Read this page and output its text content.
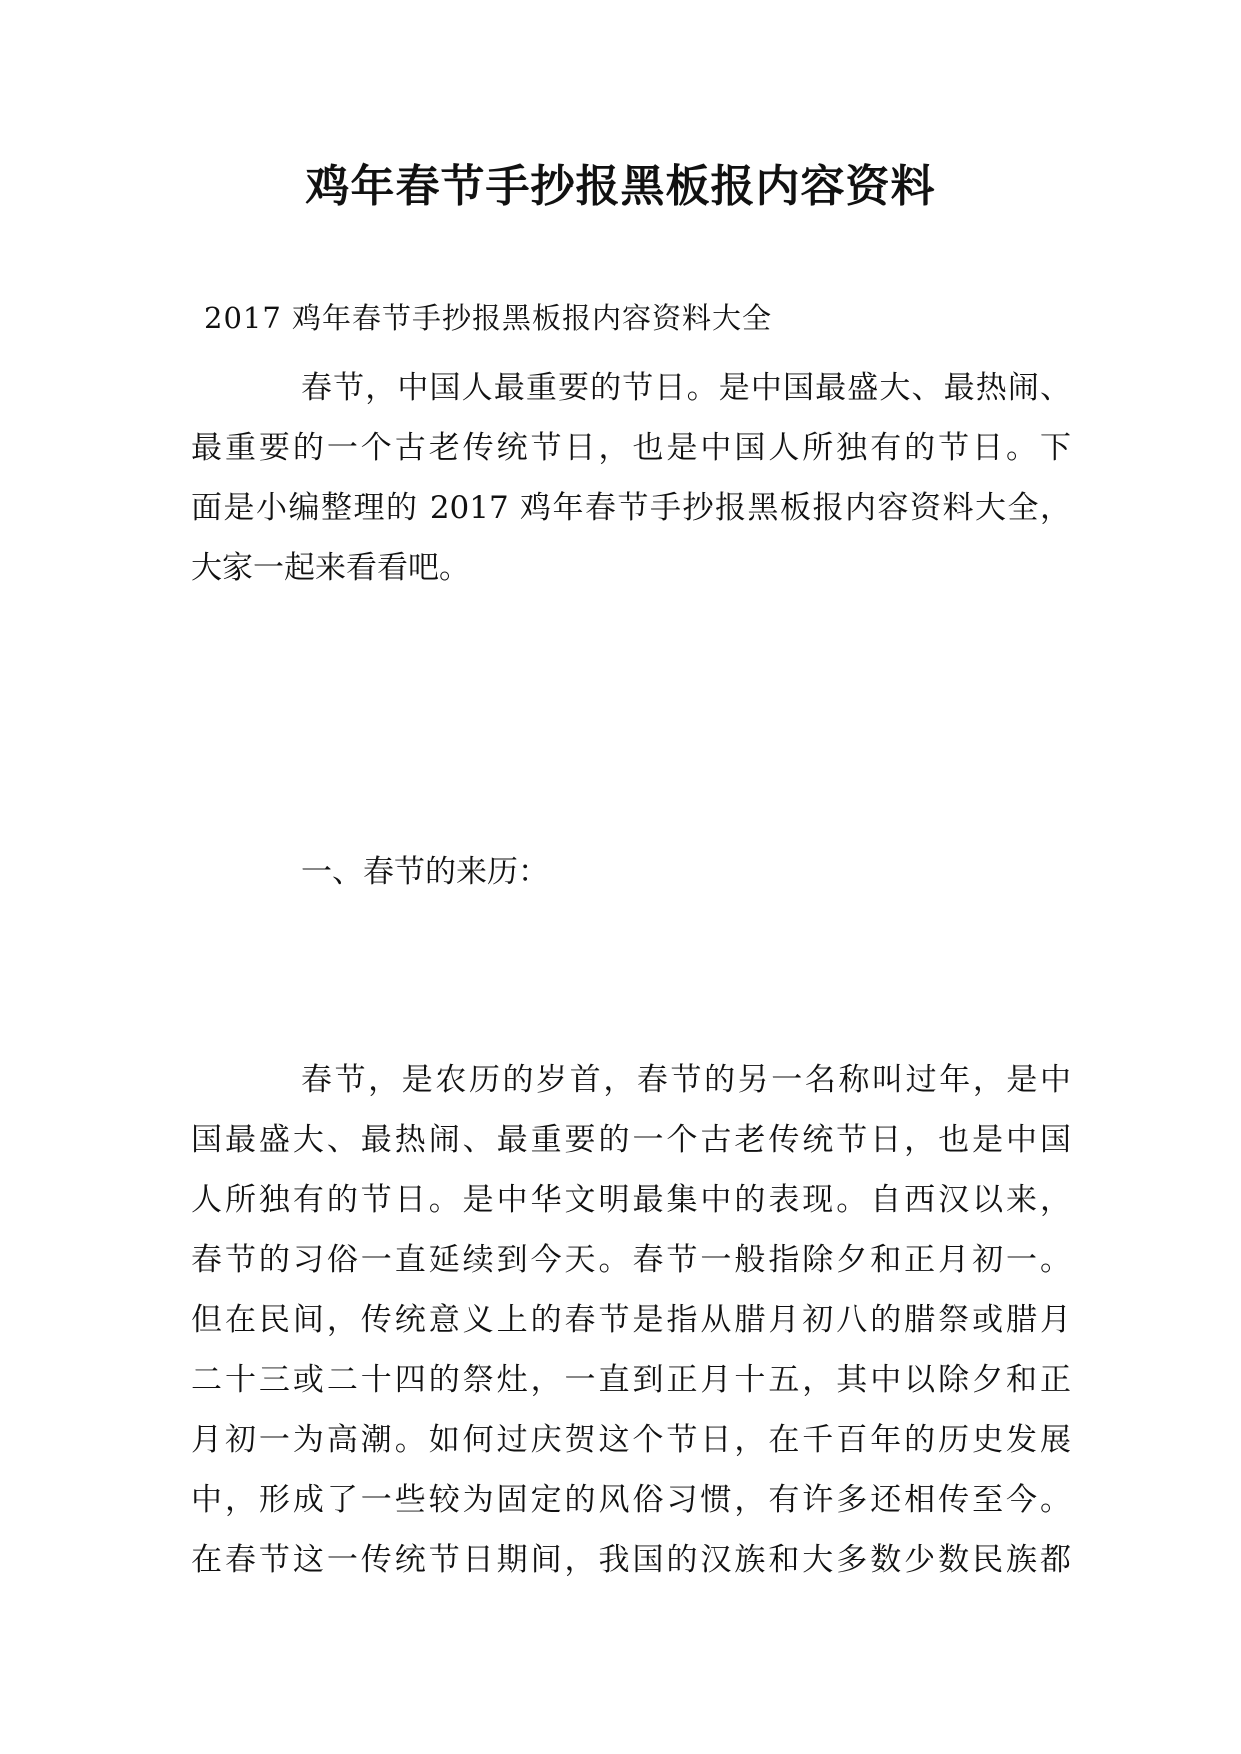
鸡年春节手抄报黑板报内容资料

2017 鸡年春节手抄报黑板报内容资料大全

春节，中国人最重要的节日。是中国最盛大、最热闹、
最重要的一个古老传统节日，也是中国人所独有的节日。下
面是小编整理的 2017 鸡年春节手抄报黑板报内容资料大全，
大家一起来看看吧。

一、春节的来历：

春节，是农历的岁首，春节的另一名称叫过年，是中
国最盛大、最热闹、最重要的一个古老传统节日，也是中国
人所独有的节日。是中华文明最集中的表现。自西汉以来，
春节的习俗一直延续到今天。春节一般指除夕和正月初一。
但在民间，传统意义上的春节是指从腊月初八的腊祭或腊月
二十三或二十四的祭灶，一直到正月十五，其中以除夕和正
月初一为高潮。如何过庆贺这个节日，在千百年的历史发展
中，形成了一些较为固定的风俗习惯，有许多还相传至今。
在春节这一传统节日期间，我国的汉族和大多数少数民族都
